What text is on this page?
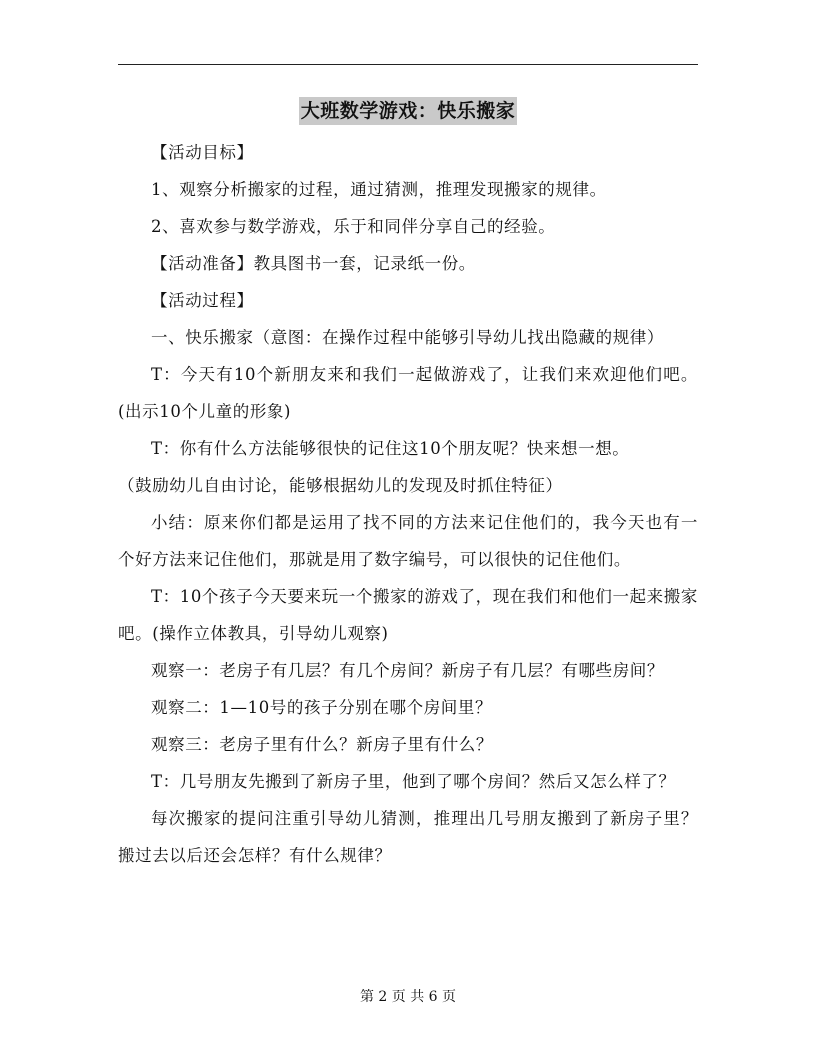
大班数学游戏：快乐搬家

【活动目标】

1、观察分析搬家的过程，通过猜测，推理发现搬家的规律。

2、喜欢参与数学游戏，乐于和同伴分享自己的经验。

【活动准备】教具图书一套，记录纸一份。

【活动过程】

一、快乐搬家（意图：在操作过程中能够引导幼儿找出隐藏的规律）

T：今天有10个新朋友来和我们一起做游戏了，让我们来欢迎他们吧。(出示10个儿童的形象)

T：你有什么方法能够很快的记住这10个朋友呢？快来想一想。

（鼓励幼儿自由讨论，能够根据幼儿的发现及时抓住特征）

小结：原来你们都是运用了找不同的方法来记住他们的，我今天也有一个好方法来记住他们，那就是用了数字编号，可以很快的记住他们。

T：10个孩子今天要来玩一个搬家的游戏了，现在我们和他们一起来搬家吧。(操作立体教具，引导幼儿观察)

观察一：老房子有几层？有几个房间？新房子有几层？有哪些房间？

观察二：1—10号的孩子分别在哪个房间里？

观察三：老房子里有什么？新房子里有什么？

T：几号朋友先搬到了新房子里，他到了哪个房间？然后又怎么样了？

每次搬家的提问注重引导幼儿猜测，推理出几号朋友搬到了新房子里？搬过去以后还会怎样？有什么规律？

第 2 页 共 6 页
